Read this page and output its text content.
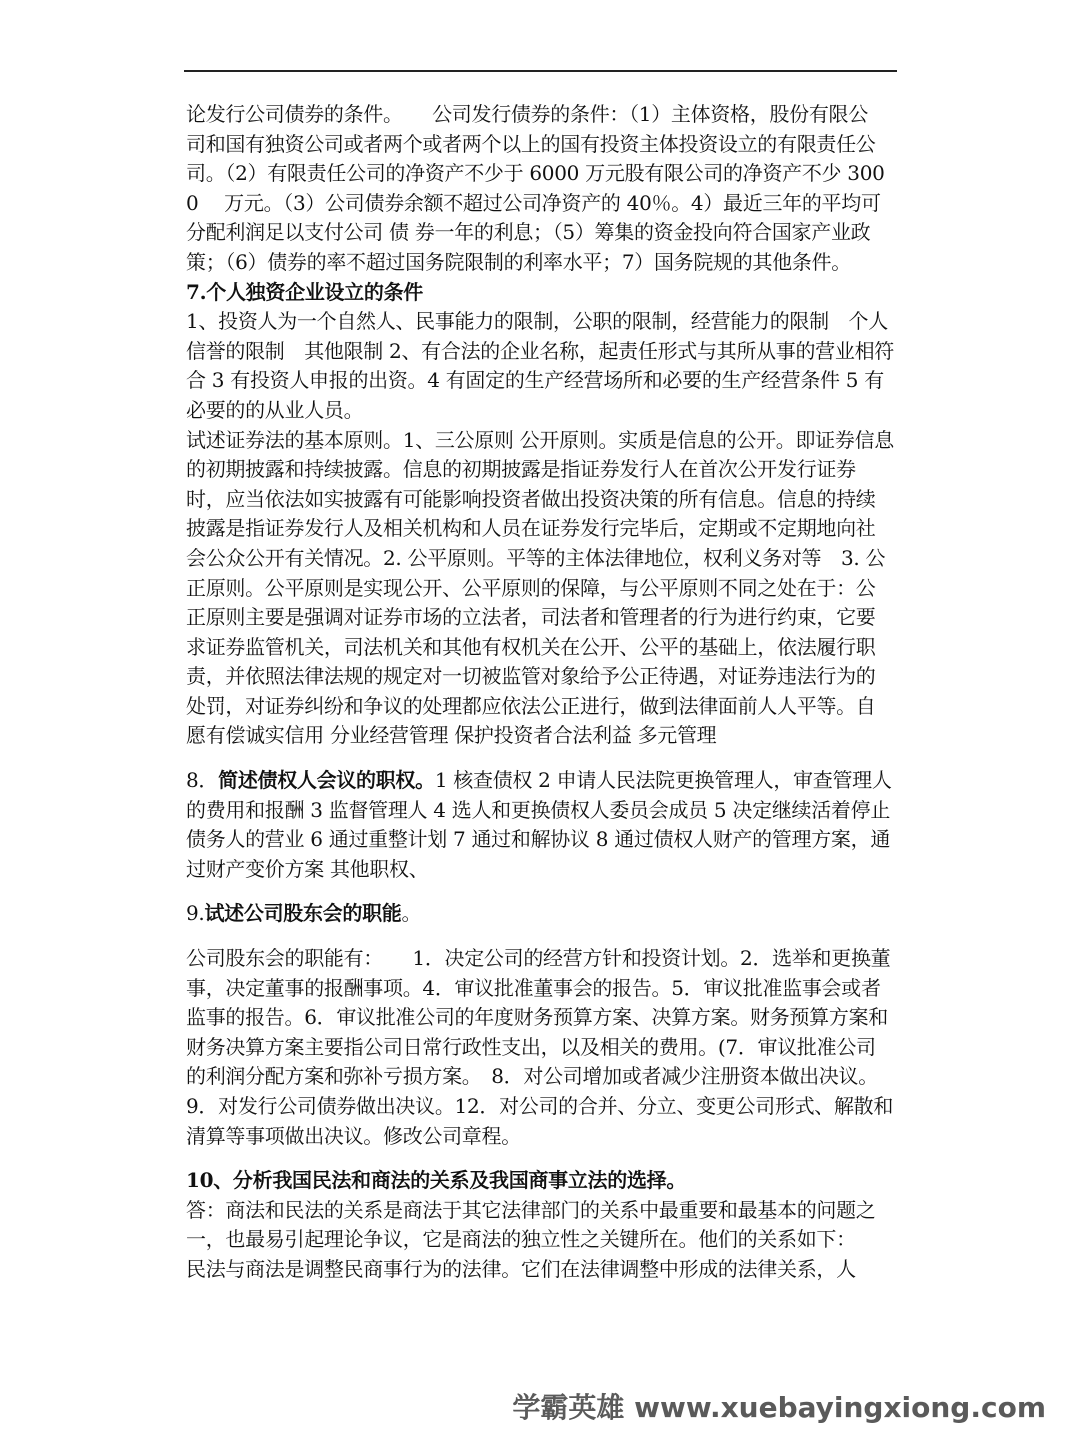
论发行公司债券的条件。　　公司发行债券的条件：（1）主体资格，股份有限公

司和国有独资公司或者两个或者两个以上的国有投资主体投资设立的有限责任公司。（2）有限责任公司的净资产不少于 6000 万元股有限公司的净资产不少 3000　 万元。（3）公司债券余额不超过公司净资产的 40％。4）最近三年的平均可分配利润足以支付公司 债 券一年的利息；（5）筹集的资金投向符合国家产业政策；（6）债券的率不超过国务院限制的利率水平；7）国务院规的其他条件。

7.个人独资企业设立的条件

1、投资人为一个自然人、民事能力的限制，公职的限制，经营能力的限制　个人信誉的限制　其他限制 2、有合法的企业名称，起责任形式与其所从事的营业相符合 3 有投资人申报的出资。4 有固定的生产经营场所和必要的生产经营条件 5 有必要的的从业人员。

试述证券法的基本原则。1、三公原则 公开原则。实质是信息的公开。即证券信息的初期披露和持续披露。信息的初期披露是指证券发行人在首次公开发行证券时，应当依法如实披露有可能影响投资者做出投资决策的所有信息。信息的持续披露是指证券发行人及相关机构和人员在证券发行完毕后，定期或不定期地向社会公众公开有关情况。2. 公平原则。平等的主体法律地位，权利义务对等　3. 公正原则。公平原则是实现公开、公平原则的保障，与公平原则不同之处在于：公正原则主要是强调对证券市场的立法者，司法者和管理者的行为进行约束，它要求证券监管机关，司法机关和其他有权机关在公开、公平的基础上，依法履行职责，并依照法律法规的规定对一切被监管对象给予公正待遇，对证券违法行为的处罚，对证券纠纷和争议的处理都应依法公正进行，做到法律面前人人平等。自愿有偿诚实信用 分业经营管理 保护投资者合法利益 多元管理

8．简述债权人会议的职权。1 核查债权 2 申请人民法院更换管理人，审查管理人的费用和报酬 3 监督管理人 4 选人和更换债权人委员会成员 5 决定继续活着停止债务人的营业 6 通过重整计划 7 通过和解协议 8 通过债权人财产的管理方案，通过财产变价方案 其他职权、

9.试述公司股东会的职能。

公司股东会的职能有：　　1．决定公司的经营方针和投资计划。2．选举和更换董事，决定董事的报酬事项。4．审议批准董事会的报告。5．审议批准监事会或者监事的报告。6．审议批准公司的年度财务预算方案、决算方案。财务预算方案和财务决算方案主要指公司日常行政性支出，以及相关的费用。(7．审议批准公司的利润分配方案和弥补亏损方案。　8．对公司增加或者减少注册资本做出决议。9．对发行公司债券做出决议。12．对公司的合并、分立、变更公司形式、解散和清算等事项做出决议。修改公司章程。

10、分析我国民法和商法的关系及我国商事立法的选择。

答：商法和民法的关系是商法于其它法律部门的关系中最重要和最基本的问题之一，也最易引起理论争议，它是商法的独立性之关键所在。他们的关系如下：

民法与商法是调整民商事行为的法律。它们在法律调整中形成的法律关系，人

学霸英雄 www.xuebayingxiong.com
